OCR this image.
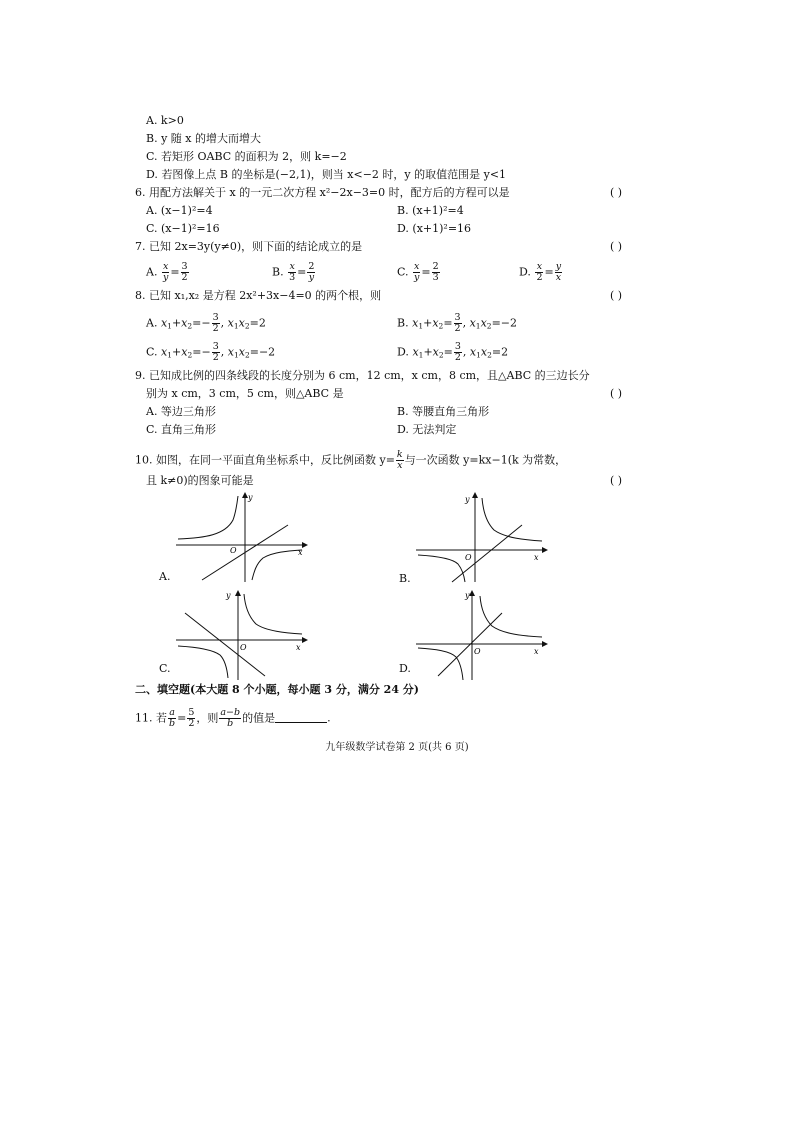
A. k>0
B. y 随 x 的增大而增大
C. 若矩形 OABC 的面积为 2，则 k=−2
D. 若图像上点 B 的坐标是(−2,1)，则当 x<−2 时，y 的取值范围是 y<1
6. 用配方法解关于 x 的一元二次方程 x²−2x−3=0 时，配方后的方程可以是	( )
A. (x−1)²=4	B. (x+1)²=4
C. (x−1)²=16	D. (x+1)²=16
7. 已知 2x=3y(y≠0)，则下面的结论成立的是	( )
A. $\frac{x}{y} = \frac{3}{2}$	B. $\frac{x}{3} = \frac{2}{y}$	C. $\frac{x}{y} = \frac{2}{3}$	D. $\frac{x}{2} = \frac{y}{x}$
8. 已知 x₁,x₂ 是方程 2x²+3x−4=0 的两个根，则	( )
A. $x_1+x_2=- \frac{3}{2}$ , $x_1x_2=2$	B. $x_1+x_2= \frac{3}{2}$ , $x_1x_2=-2$
C. $x_1+x_2=- \frac{3}{2}$ , $x_1x_2=-2$	D. $x_1+x_2= \frac{3}{2}$ , $x_1x_2=2$
9. 已知成比例的四条线段的长度分别为 6 cm，12 cm，x cm，8 cm，且△ABC 的三边长分
别为 x cm，3 cm，5 cm，则△ABC 是	( )
A. 等边三角形	B. 等腰直角三角形
C. 直角三角形	D. 无法判定
10. 如图，在同一平面直角坐标系中，反比例函数 $y= \frac{k}{x}$ 与一次函数 y=kx−1(k 为常数，
且 k≠0)的图象可能是	( )
y
x
O
A.
y
x
O
B.
y
x
O
C.
y
x
O
D.
二、填空题(本大题 8 个小题，每小题 3 分，满分 24 分)
11. 若 $\frac{a}{b} = \frac{5}{2}$ ，则 $\frac{a-b}{b}$ 的值是	.
九年级数学试卷第 2 页(共 6 页)
